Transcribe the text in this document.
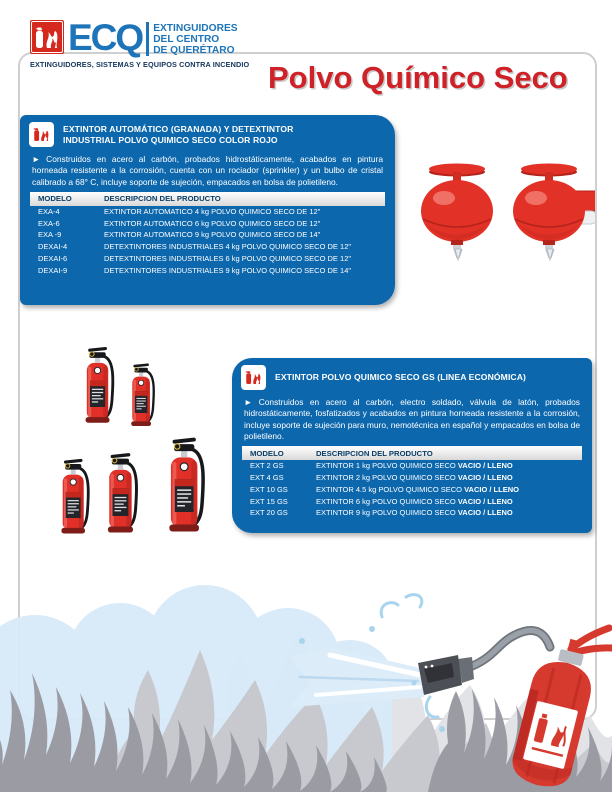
ECQ EXTINGUIDORES
DEL CENTRO
DE QUERÉTARO
EXTINGUIDORES, SISTEMAS Y EQUIPOS CONTRA INCENDIO Polvo Químico Seco
EXTINTOR AUTOMÁTICO (GRANADA) Y DETEXTINTOR
INDUSTRIAL POLVO QUIMICO SECO COLOR ROJO

► Construidos en acero al carbón, probados hidrostáticamente, acabados en pintura horneada resistente a la corrosión, cuenta con un rociador (sprinkler) y un bulbo de cristal calibrado a 68° C, incluye soporte de sujeción, empacados en bolsa de polietileno.

MODELO	DESCRIPCION DEL PRODUCTO
EXA-4	EXTINTOR AUTOMATICO 4 kg POLVO QUIMICO SECO DE 12"
EXA-6	EXTINTOR AUTOMATICO 6 kg POLVO QUIMICO SECO DE 12"
EXA -9	EXTINTOR AUTOMATICO 9 kg POLVO QUIMICO SECO DE 14"
DEXAI-4	DETEXTINTORES INDUSTRIALES 4 kg POLVO QUIMICO SECO DE 12"
DEXAI-6	DETEXTINTORES INDUSTRIALES 6 kg POLVO QUIMICO SECO DE 12"
DEXAI-9	DETEXTINTORES INDUSTRIALES 9 kg POLVO QUIMICO SECO DE 14"
EXTINTOR POLVO QUIMICO SECO GS (LINEA ECONÓMICA)

► Construidos en acero al carbón, electro soldado, válvula de latón, probados hidrostáticamente, fosfatizados y acabados en pintura horneada resistente a la corrosión, incluye soporte de sujeción para muro, nemotécnica en español y empacados en bolsa de polietileno.

MODELO	DESCRIPCION DEL PRODUCTO
EXT 2 GS	EXTINTOR 1 kg POLVO QUIMICO SECO VACIO / LLENO
EXT 4 GS	EXTINTOR 2 kg POLVO QUIMICO SECO VACIO / LLENO
EXT 10 GS	EXTINTOR 4.5 kg POLVO QUIMICO SECO VACIO / LLENO
EXT 15 GS	EXTINTOR 6 kg POLVO QUIMICO SECO VACIO / LLENO
EXT 20 GS	EXTINTOR 9 kg POLVO QUIMICO SECO VACIO / LLENO
